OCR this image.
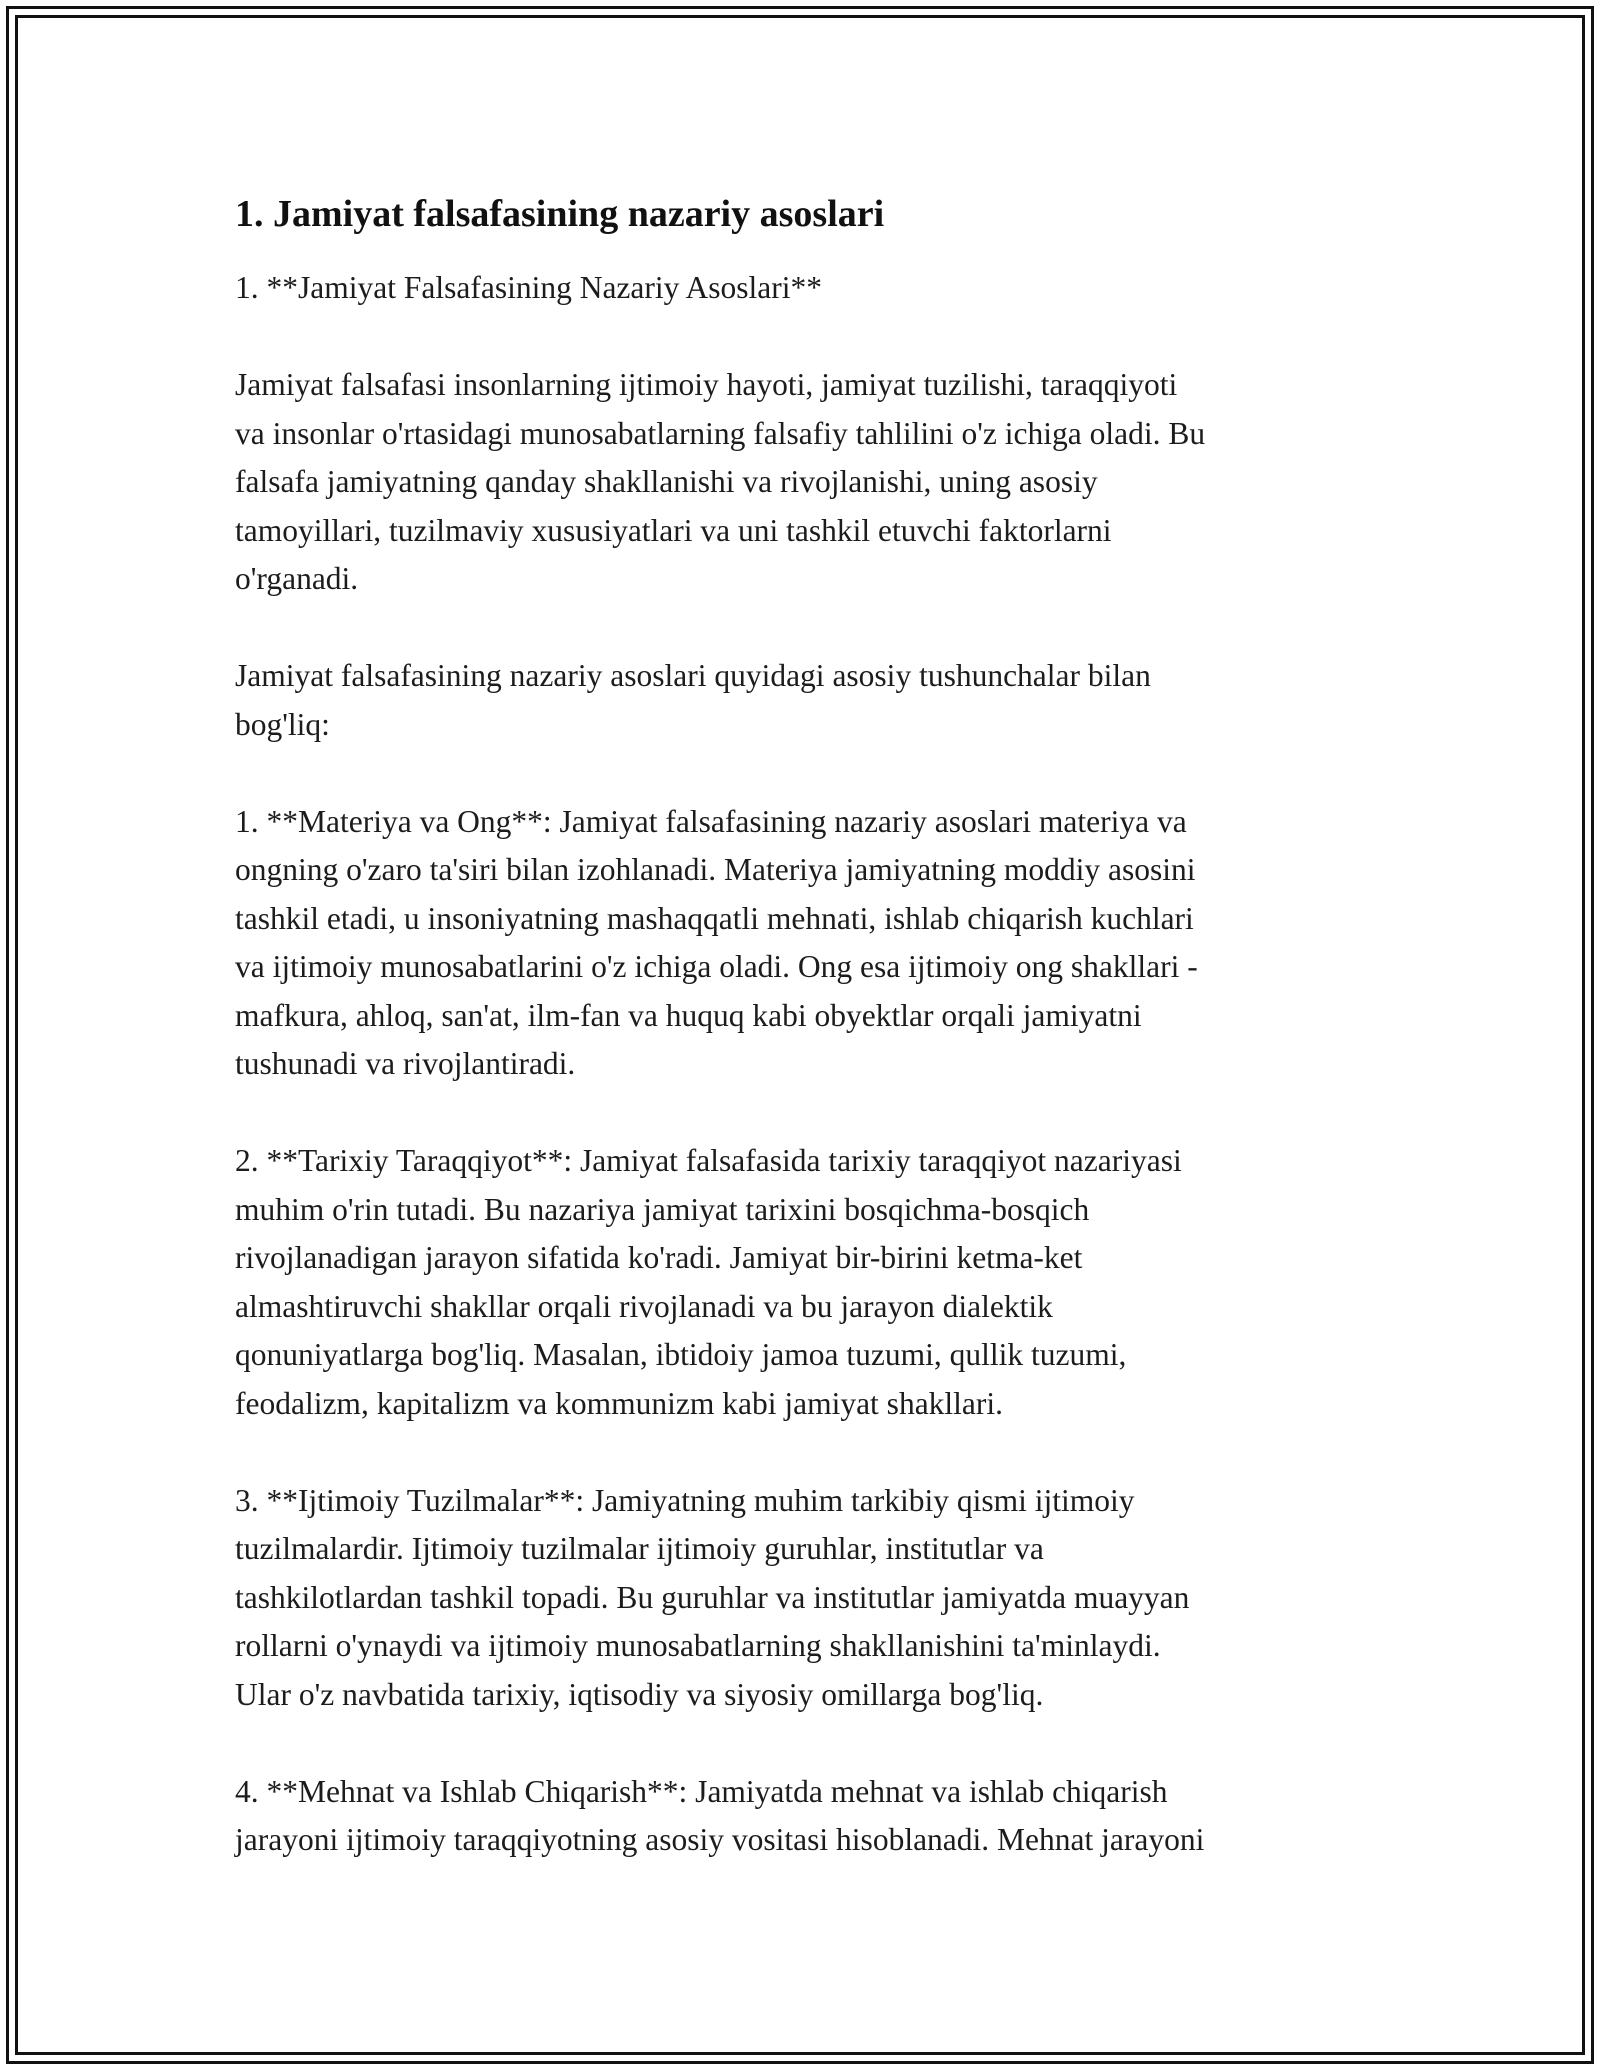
1. Jamiyat falsafasining nazariy asoslari

1. **Jamiyat Falsafasining Nazariy Asoslari**

Jamiyat falsafasi insonlarning ijtimoiy hayoti, jamiyat tuzilishi, taraqqiyoti
va insonlar o'rtasidagi munosabatlarning falsafiy tahlilini o'z ichiga oladi. Bu
falsafa jamiyatning qanday shakllanishi va rivojlanishi, uning asosiy
tamoyillari, tuzilmaviy xususiyatlari va uni tashkil etuvchi faktorlarni
o'rganadi.

Jamiyat falsafasining nazariy asoslari quyidagi asosiy tushunchalar bilan
bog'liq:

1. **Materiya va Ong**: Jamiyat falsafasining nazariy asoslari materiya va
ongning o'zaro ta'siri bilan izohlanadi. Materiya jamiyatning moddiy asosini
tashkil etadi, u insoniyatning mashaqqatli mehnati, ishlab chiqarish kuchlari
va ijtimoiy munosabatlarini o'z ichiga oladi. Ong esa ijtimoiy ong shakllari -
mafkura, ahloq, san'at, ilm-fan va huquq kabi obyektlar orqali jamiyatni
tushunadi va rivojlantiradi.

2. **Tarixiy Taraqqiyot**: Jamiyat falsafasida tarixiy taraqqiyot nazariyasi
muhim o'rin tutadi. Bu nazariya jamiyat tarixini bosqichma-bosqich
rivojlanadigan jarayon sifatida ko'radi. Jamiyat bir-birini ketma-ket
almashtiruvchi shakllar orqali rivojlanadi va bu jarayon dialektik
qonuniyatlarga bog'liq. Masalan, ibtidoiy jamoa tuzumi, qullik tuzumi,
feodalizm, kapitalizm va kommunizm kabi jamiyat shakllari.

3. **Ijtimoiy Tuzilmalar**: Jamiyatning muhim tarkibiy qismi ijtimoiy
tuzilmalardir. Ijtimoiy tuzilmalar ijtimoiy guruhlar, institutlar va
tashkilotlardan tashkil topadi. Bu guruhlar va institutlar jamiyatda muayyan
rollarni o'ynaydi va ijtimoiy munosabatlarning shakllanishini ta'minlaydi.
Ular o'z navbatida tarixiy, iqtisodiy va siyosiy omillarga bog'liq.

4. **Mehnat va Ishlab Chiqarish**: Jamiyatda mehnat va ishlab chiqarish
jarayoni ijtimoiy taraqqiyotning asosiy vositasi hisoblanadi. Mehnat jarayoni
